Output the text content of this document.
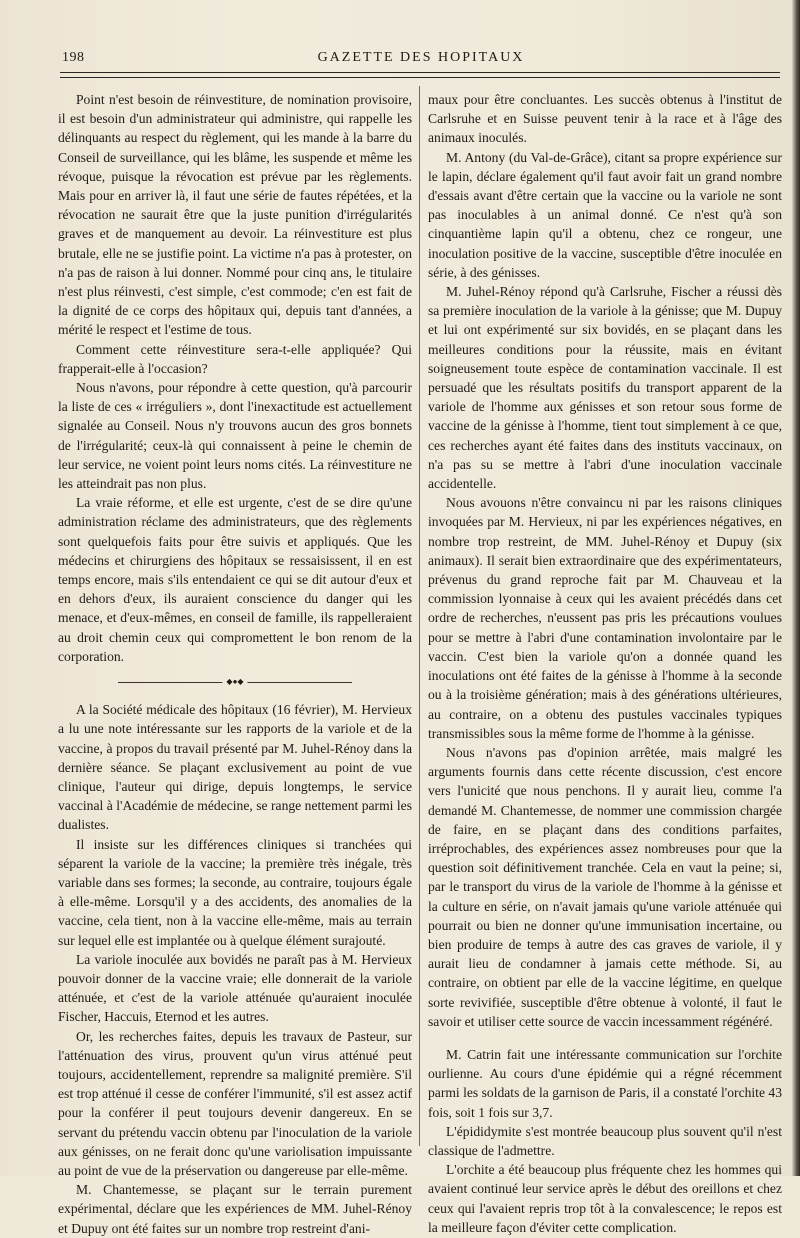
198	GAZETTE DES HOPITAUX

Point n'est besoin de réinvestiture, de nomination provisoire, il est besoin d'un administrateur qui administre, qui rappelle les délinquants au respect du règlement, qui les mande à la barre du Conseil de surveillance, qui les blâme, les suspende et même les révoque, puisque la révocation est prévue par les règlements. Mais pour en arriver là, il faut une série de fautes répétées, et la révocation ne saurait être que la juste punition d'irrégularités graves et de manquement au devoir. La réinvestiture est plus brutale, elle ne se justifie point. La victime n'a pas à protester, on n'a pas de raison à lui donner. Nommé pour cinq ans, le titulaire n'est plus réinvesti, c'est simple, c'est commode; c'en est fait de la dignité de ce corps des hôpitaux qui, depuis tant d'années, a mérité le respect et l'estime de tous.

Comment cette réinvestiture sera-t-elle appliquée? Qui frapperait-elle à l'occasion?

Nous n'avons, pour répondre à cette question, qu'à parcourir la liste de ces « irréguliers », dont l'inexactitude est actuellement signalée au Conseil. Nous n'y trouvons aucun des gros bonnets de l'irrégularité; ceux-là qui connaissent à peine le chemin de leur service, ne voient point leurs noms cités. La réinvestiture ne les atteindrait pas non plus.

La vraie réforme, et elle est urgente, c'est de se dire qu'une administration réclame des administrateurs, que des règlements sont quelquefois faits pour être suivis et appliqués. Que les médecins et chirurgiens des hôpitaux se ressaisissent, il en est temps encore, mais s'ils entendaient ce qui se dit autour d'eux et en dehors d'eux, ils auraient conscience du danger qui les menace, et d'eux-mêmes, en conseil de famille, ils rappelleraient au droit chemin ceux qui compromettent le bon renom de la corporation.

◆●◆

A la Société médicale des hôpitaux (16 février), M. Hervieux a lu une note intéressante sur les rapports de la variole et de la vaccine, à propos du travail présenté par M. Juhel-Rénoy dans la dernière séance. Se plaçant exclusivement au point de vue clinique, l'auteur qui dirige, depuis longtemps, le service vaccinal à l'Académie de médecine, se range nettement parmi les dualistes.

Il insiste sur les différences cliniques si tranchées qui séparent la variole de la vaccine; la première très inégale, très variable dans ses formes; la seconde, au contraire, toujours égale à elle-même. Lorsqu'il y a des accidents, des anomalies de la vaccine, cela tient, non à la vaccine elle-même, mais au terrain sur lequel elle est implantée ou à quelque élément surajouté.

La variole inoculée aux bovidés ne paraît pas à M. Hervieux pouvoir donner de la vaccine vraie; elle donnerait de la variole atténuée, et c'est de la variole atténuée qu'auraient inoculée Fischer, Haccuis, Eternod et les autres.

Or, les recherches faites, depuis les travaux de Pasteur, sur l'atténuation des virus, prouvent qu'un virus atténué peut toujours, accidentellement, reprendre sa malignité première. S'il est trop atténué il cesse de conférer l'immunité, s'il est assez actif pour la conférer il peut toujours devenir dangereux. En se servant du prétendu vaccin obtenu par l'inoculation de la variole aux génisses, on ne ferait donc qu'une variolisation impuissante au point de vue de la préservation ou dangereuse par elle-même.

M. Chantemesse, se plaçant sur le terrain purement expérimental, déclare que les expériences de MM. Juhel-Rénoy et Dupuy ont été faites sur un nombre trop restreint d'ani-

maux pour être concluantes. Les succès obtenus à l'institut de Carlsruhe et en Suisse peuvent tenir à la race et à l'âge des animaux inoculés.

M. Antony (du Val-de-Grâce), citant sa propre expérience sur le lapin, déclare également qu'il faut avoir fait un grand nombre d'essais avant d'être certain que la vaccine ou la variole ne sont pas inoculables à un animal donné. Ce n'est qu'à son cinquantième lapin qu'il a obtenu, chez ce rongeur, une inoculation positive de la vaccine, susceptible d'être inoculée en série, à des génisses.

M. Juhel-Rénoy répond qu'à Carlsruhe, Fischer a réussi dès sa première inoculation de la variole à la génisse; que M. Dupuy et lui ont expérimenté sur six bovidés, en se plaçant dans les meilleures conditions pour la réussite, mais en évitant soigneusement toute espèce de contamination vaccinale. Il est persuadé que les résultats positifs du transport apparent de la variole de l'homme aux génisses et son retour sous forme de vaccine de la génisse à l'homme, tient tout simplement à ce que, ces recherches ayant été faites dans des instituts vaccinaux, on n'a pas su se mettre à l'abri d'une inoculation vaccinale accidentelle.

Nous avouons n'être convaincu ni par les raisons cliniques invoquées par M. Hervieux, ni par les expériences négatives, en nombre trop restreint, de MM. Juhel-Rénoy et Dupuy (six animaux). Il serait bien extraordinaire que des expérimentateurs, prévenus du grand reproche fait par M. Chauveau et la commission lyonnaise à ceux qui les avaient précédés dans cet ordre de recherches, n'eussent pas pris les précautions voulues pour se mettre à l'abri d'une contamination involontaire par le vaccin. C'est bien la variole qu'on a donnée quand les inoculations ont été faites de la génisse à l'homme à la seconde ou à la troisième génération; mais à des générations ultérieures, au contraire, on a obtenu des pustules vaccinales typiques transmissibles sous la même forme de l'homme à la génisse.

Nous n'avons pas d'opinion arrêtée, mais malgré les arguments fournis dans cette récente discussion, c'est encore vers l'unicité que nous penchons. Il y aurait lieu, comme l'a demandé M. Chantemesse, de nommer une commission chargée de faire, en se plaçant dans des conditions parfaites, irréprochables, des expériences assez nombreuses pour que la question soit définitivement tranchée. Cela en vaut la peine; si, par le transport du virus de la variole de l'homme à la génisse et la culture en série, on n'avait jamais qu'une variole atténuée qui pourrait ou bien ne donner qu'une immunisation incertaine, ou bien produire de temps à autre des cas graves de variole, il y aurait lieu de condamner à jamais cette méthode. Si, au contraire, on obtient par elle de la vaccine légitime, en quelque sorte revivifiée, susceptible d'être obtenue à volonté, il faut le savoir et utiliser cette source de vaccin incessamment régénéré.

M. Catrin fait une intéressante communication sur l'orchite ourlienne. Au cours d'une épidémie qui a régné récemment parmi les soldats de la garnison de Paris, il a constaté l'orchite 43 fois, soit 1 fois sur 3,7.

L'épididymite s'est montrée beaucoup plus souvent qu'il n'est classique de l'admettre.

L'orchite a été beaucoup plus fréquente chez les hommes qui avaient continué leur service après le début des oreillons et chez ceux qui l'avaient repris trop tôt à la convalescence; le repos est la meilleure façon d'éviter cette complication.
